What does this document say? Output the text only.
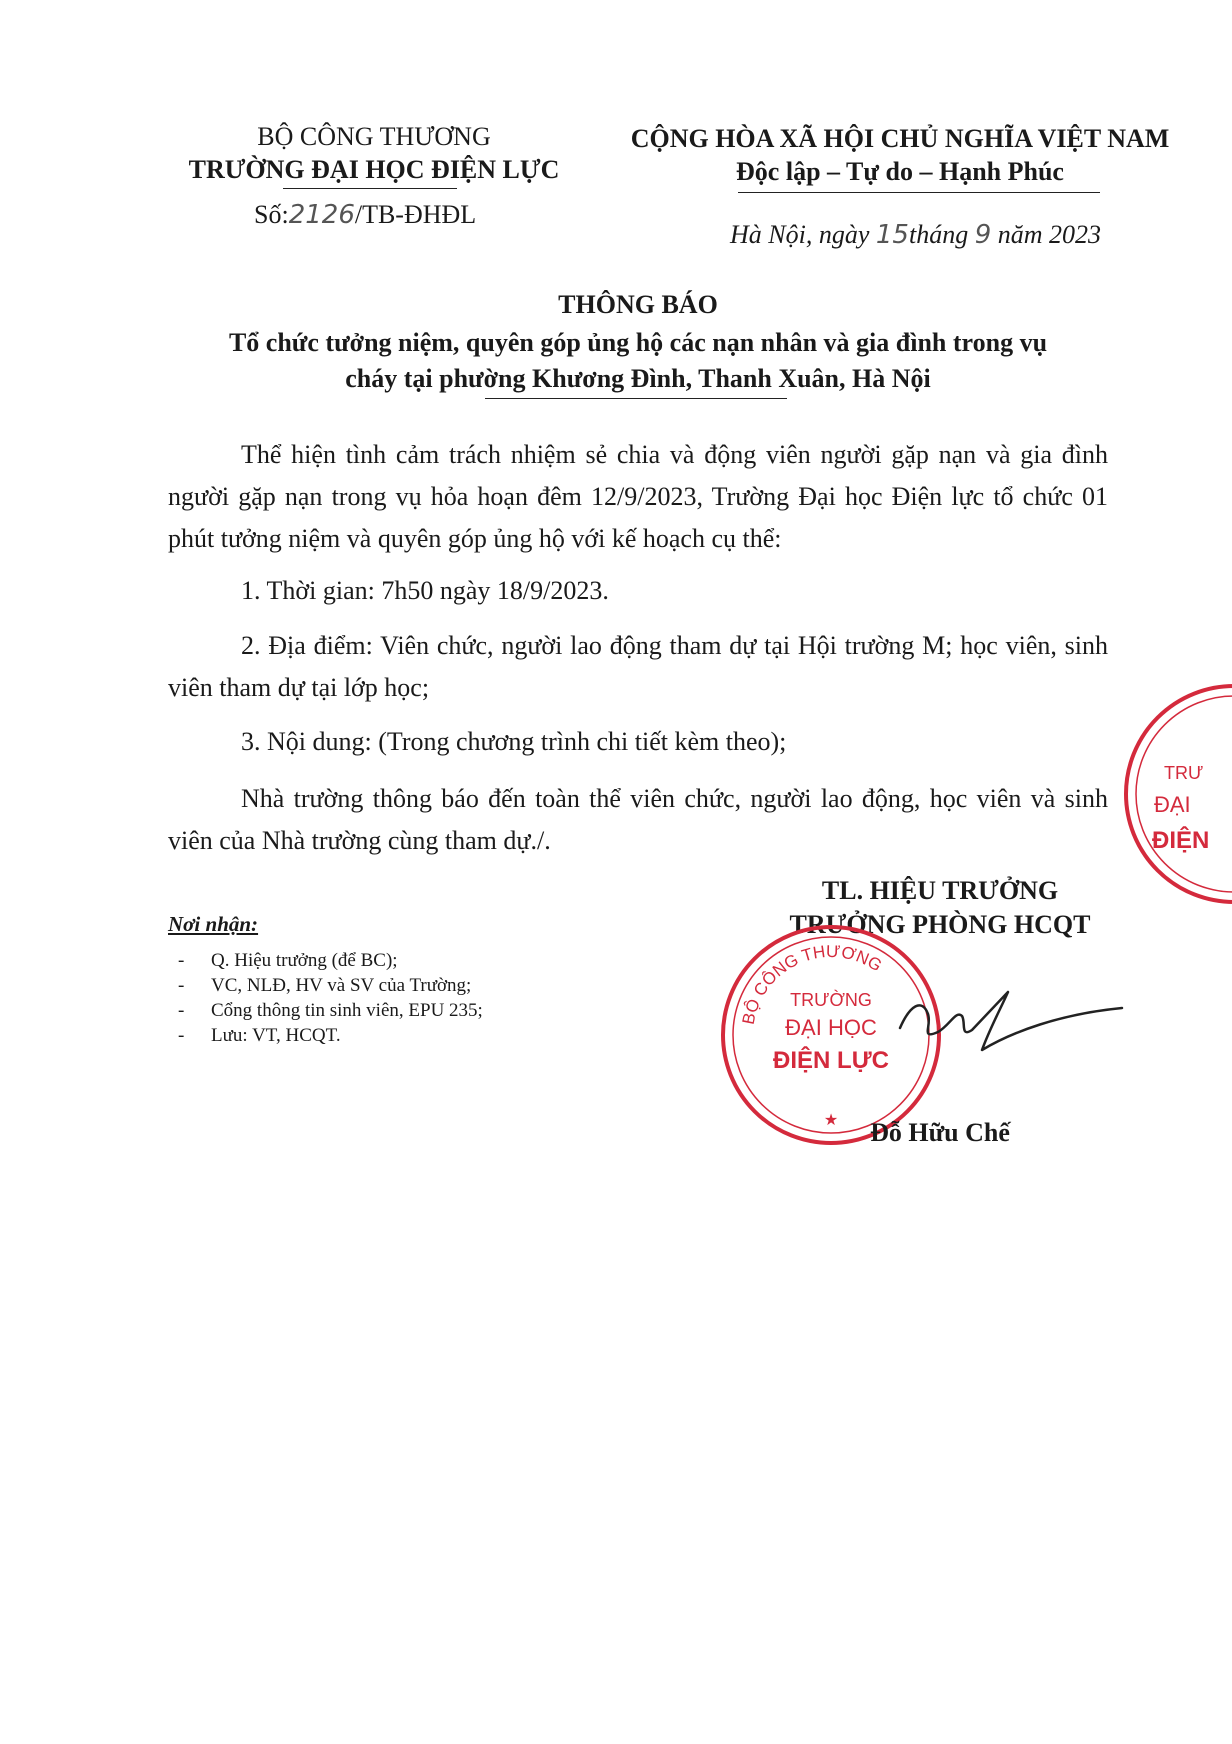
BỘ CÔNG THƯƠNG
TRƯỜNG ĐẠI HỌC ĐIỆN LỰC
Số:2126/TB-ĐHĐL
CỘNG HÒA XÃ HỘI CHỦ NGHĨA VIỆT NAM
Độc lập – Tự do – Hạnh Phúc
Hà Nội, ngày 15tháng 9 năm 2023
THÔNG BÁO
Tổ chức tưởng niệm, quyên góp ủng hộ các nạn nhân và gia đình trong vụ
cháy tại phường Khương Đình, Thanh Xuân, Hà Nội
Thể hiện tình cảm trách nhiệm sẻ chia và động viên người gặp nạn và gia đình người gặp nạn trong vụ hỏa hoạn đêm 12/9/2023, Trường Đại học Điện lực tổ chức 01 phút tưởng niệm và quyên góp ủng hộ với kế hoạch cụ thể:
1. Thời gian: 7h50 ngày 18/9/2023.
2. Địa điểm: Viên chức, người lao động tham dự tại Hội trường M; học viên, sinh viên tham dự tại lớp học;
3. Nội dung: (Trong chương trình chi tiết kèm theo);
Nhà trường thông báo đến toàn thể viên chức, người lao động, học viên và sinh viên của Nhà trường cùng tham dự./.
Nơi nhận:
- Q. Hiệu trưởng (để BC);
- VC, NLĐ, HV và SV của Trường;
- Cổng thông tin sinh viên, EPU 235;
- Lưu: VT, HCQT.
TL. HIỆU TRƯỞNG
TRƯỞNG PHÒNG HCQT
BỘ CÔNG THƯƠNG
TRƯỜNG
ĐẠI HỌC
ĐIỆN LỰC
★
TRƯ
ĐẠI
ĐIỆN
Đỗ Hữu Chế
